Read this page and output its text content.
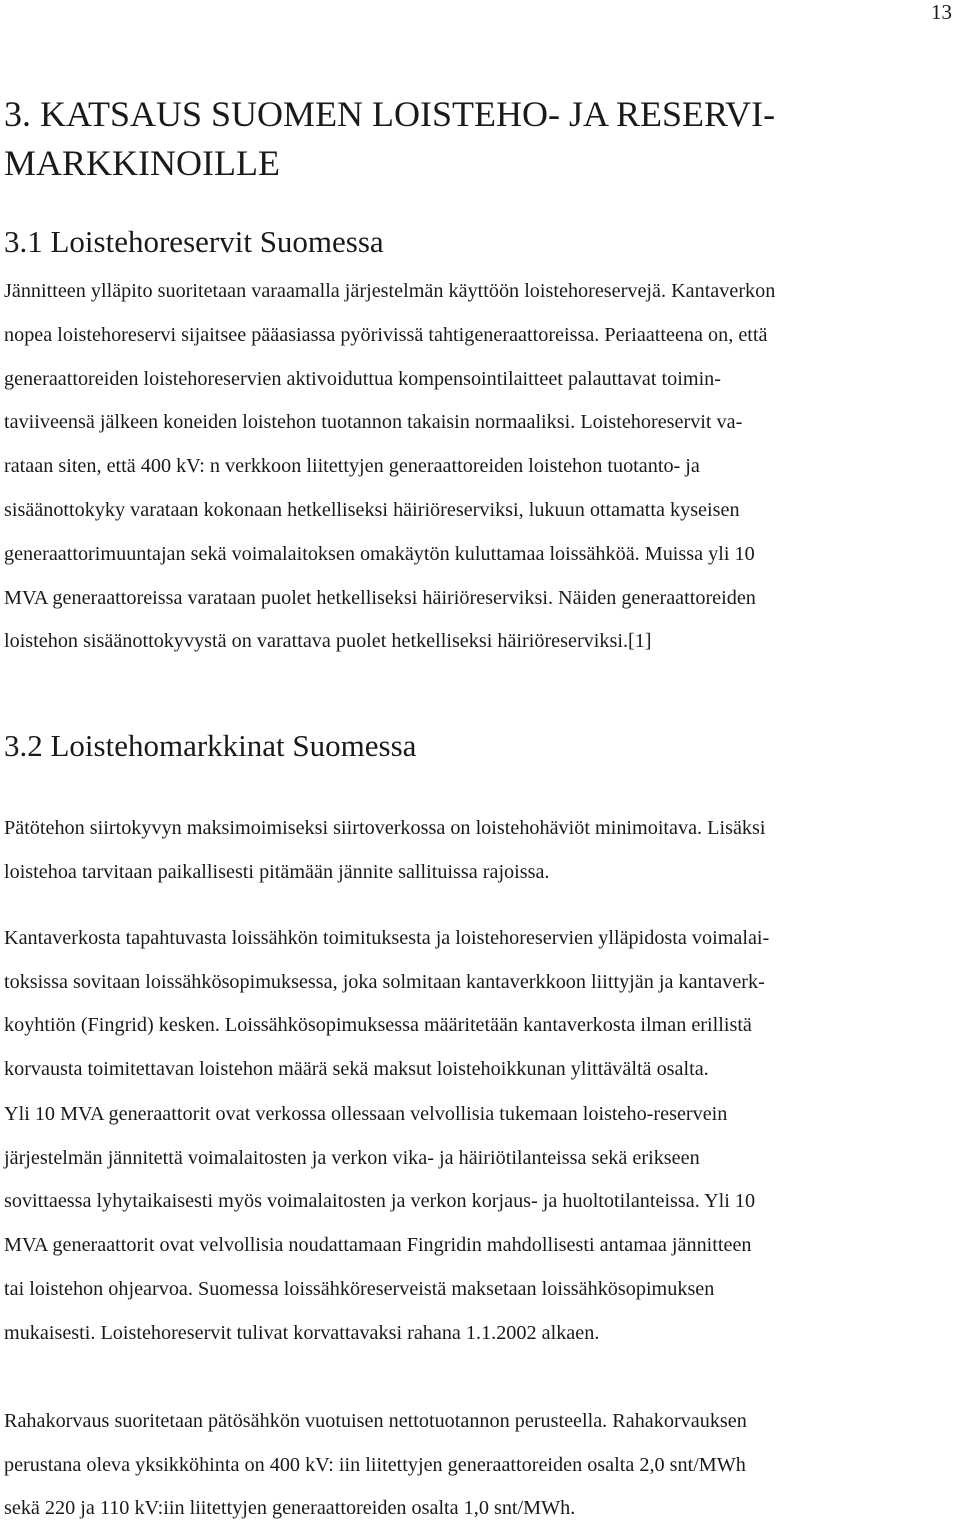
13
3. KATSAUS SUOMEN LOISTEHO- JA RESERVI-
MARKKINOILLE
3.1 Loistehoreservit Suomessa

Jännitteen ylläpito suoritetaan varaamalla järjestelmän käyttöön loistehoreservejä. Kantaverkon
nopea loistehoreservi sijaitsee pääasiassa pyörivissä tahtigeneraattoreissa. Periaatteena on, että
generaattoreiden loistehoreservien aktivoiduttua kompensointilaitteet palauttavat toimin-
taviiveensä jälkeen koneiden loistehon tuotannon takaisin normaaliksi. Loistehoreservit va-
rataan siten, että 400 kV: n verkkoon liitettyjen generaattoreiden loistehon tuotanto- ja
sisäänottokyky varataan kokonaan hetkelliseksi häiriöreserviksi, lukuun ottamatta kyseisen
generaattorimuuntajan sekä voimalaitoksen omakäytön kuluttamaa loissähköä. Muissa yli 10
MVA generaattoreissa varataan puolet hetkelliseksi häiriöreserviksi. Näiden generaattoreiden
loistehon sisäänottokyvystä on varattava puolet hetkelliseksi häiriöreserviksi.[1]

3.2 Loistehomarkkinat Suomessa

Pätötehon siirtokyvyn maksimoimiseksi siirtoverkossa on loistehohäviöt minimoitava. Lisäksi
loistehoa tarvitaan paikallisesti pitämään jännite sallituissa rajoissa.

Kantaverkosta tapahtuvasta loissähkön toimituksesta ja loistehoreservien ylläpidosta voimalai-
toksissa sovitaan loissähkösopimuksessa, joka solmitaan kantaverkkoon liittyjän ja kantaverk-
koyhtiön (Fingrid) kesken. Loissähkösopimuksessa määritetään kantaverkosta ilman erillistä
korvausta toimitettavan loistehon määrä sekä maksut loistehoikkunan ylittävältä osalta.

Yli 10 MVA generaattorit ovat verkossa ollessaan velvollisia tukemaan loisteho-reservein
järjestelmän jännitettä voimalaitosten ja verkon vika- ja häiriötilanteissa sekä erikseen
sovittaessa lyhytaikaisesti myös voimalaitosten ja verkon korjaus- ja huoltotilanteissa. Yli 10
MVA generaattorit ovat velvollisia noudattamaan Fingridin mahdollisesti antamaa jännitteen
tai loistehon ohjearvoa. Suomessa loissähköreserveistä maksetaan loissähkösopimuksen
mukaisesti. Loistehoreservit tulivat korvattavaksi rahana 1.1.2002 alkaen.

Rahakorvaus suoritetaan pätösähkön vuotuisen nettotuotannon perusteella. Rahakorvauksen
perustana oleva yksikköhinta on 400 kV: iin liitettyjen generaattoreiden osalta 2,0 snt/MWh
sekä 220 ja 110 kV:iin liitettyjen generaattoreiden osalta 1,0 snt/MWh.
